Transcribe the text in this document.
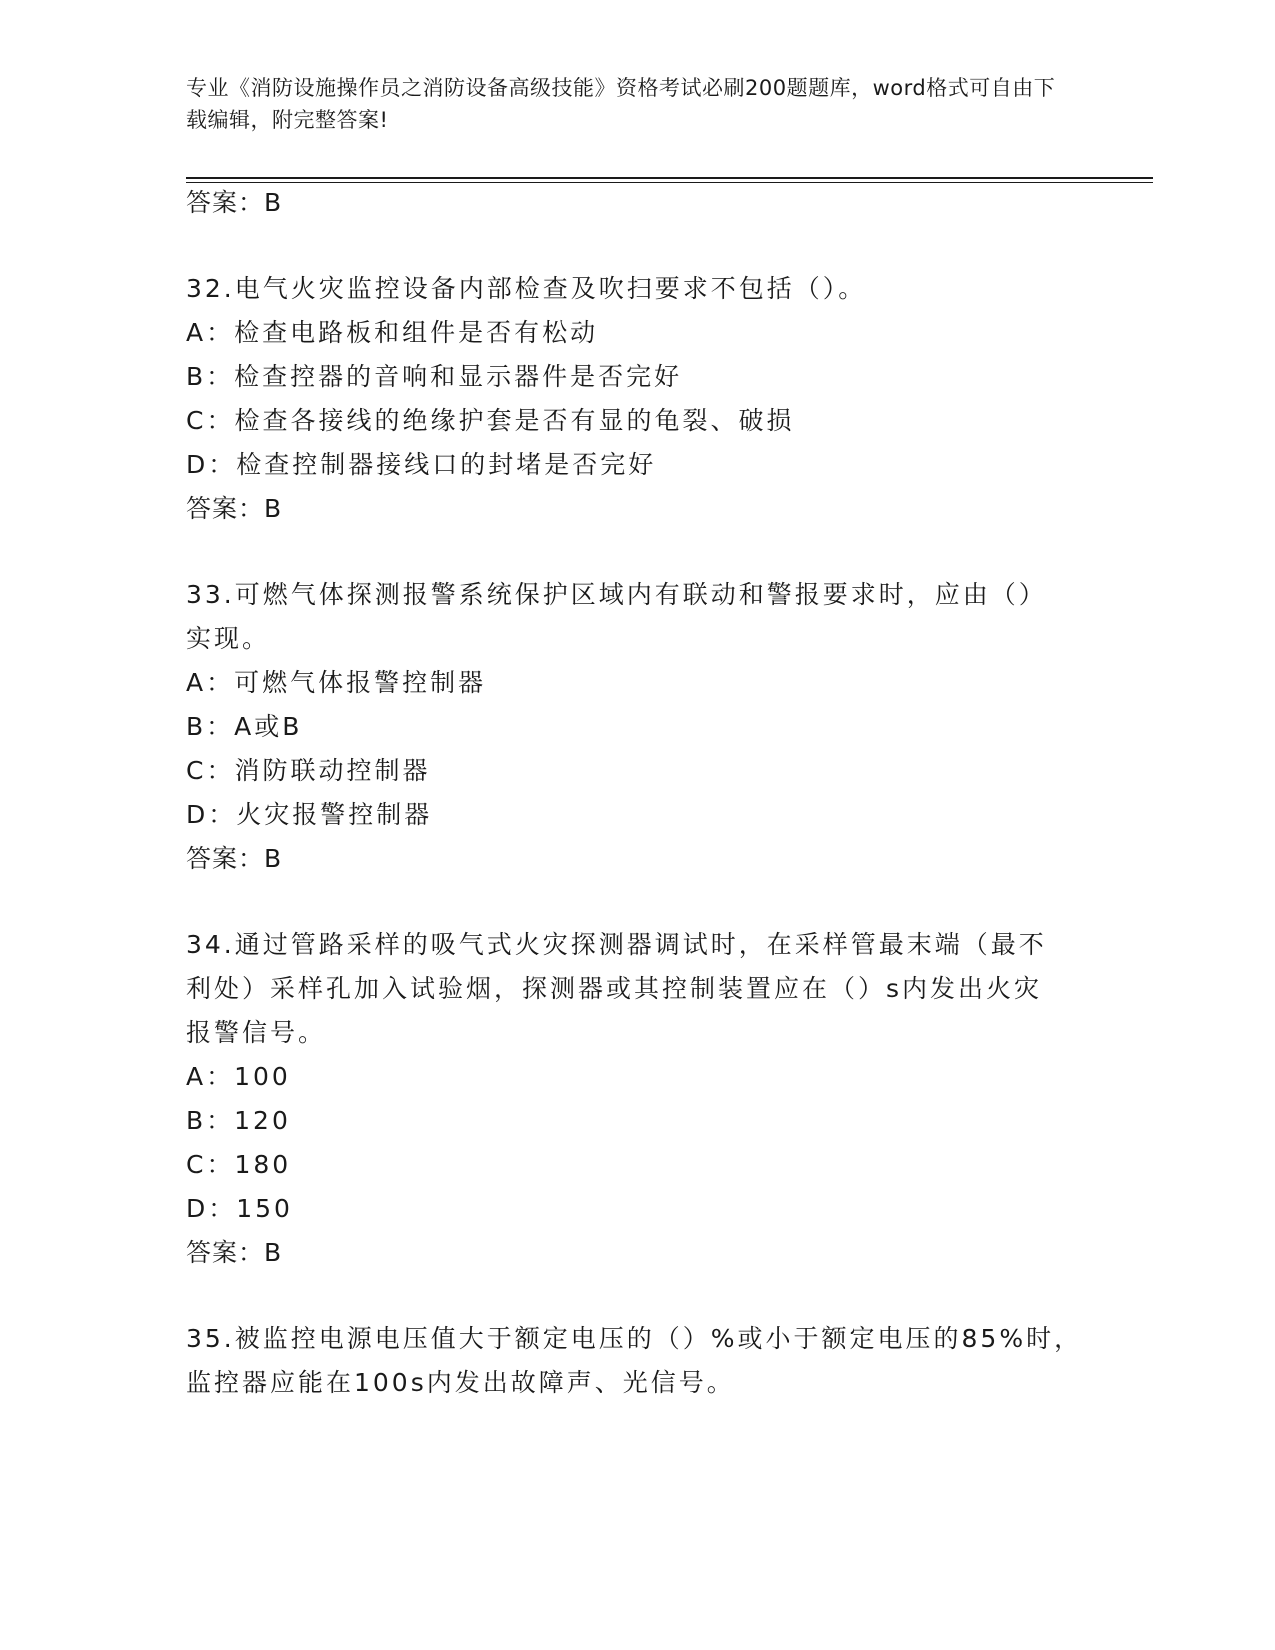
专业《消防设施操作员之消防设备高级技能》资格考试必刷200题题库，word格式可自由下载编辑，附完整答案!
答案：B
32.电气火灾监控设备内部检查及吹扫要求不包括（）。
A：检查电路板和组件是否有松动
B：检查控器的音响和显示器件是否完好
C：检查各接线的绝缘护套是否有显的龟裂、破损
D：检查控制器接线口的封堵是否完好
答案：B
33.可燃气体探测报警系统保护区域内有联动和警报要求时，应由（）
实现。
A：可燃气体报警控制器
B：A或B
C：消防联动控制器
D：火灾报警控制器
答案：B
34.通过管路采样的吸气式火灾探测器调试时，在采样管最末端（最不
利处）采样孔加入试验烟，探测器或其控制装置应在（）s内发出火灾
报警信号。
A：100
B：120
C：180
D：150
答案：B
35.被监控电源电压值大于额定电压的（）%或小于额定电压的85%时，
监控器应能在100s内发出故障声、光信号。
